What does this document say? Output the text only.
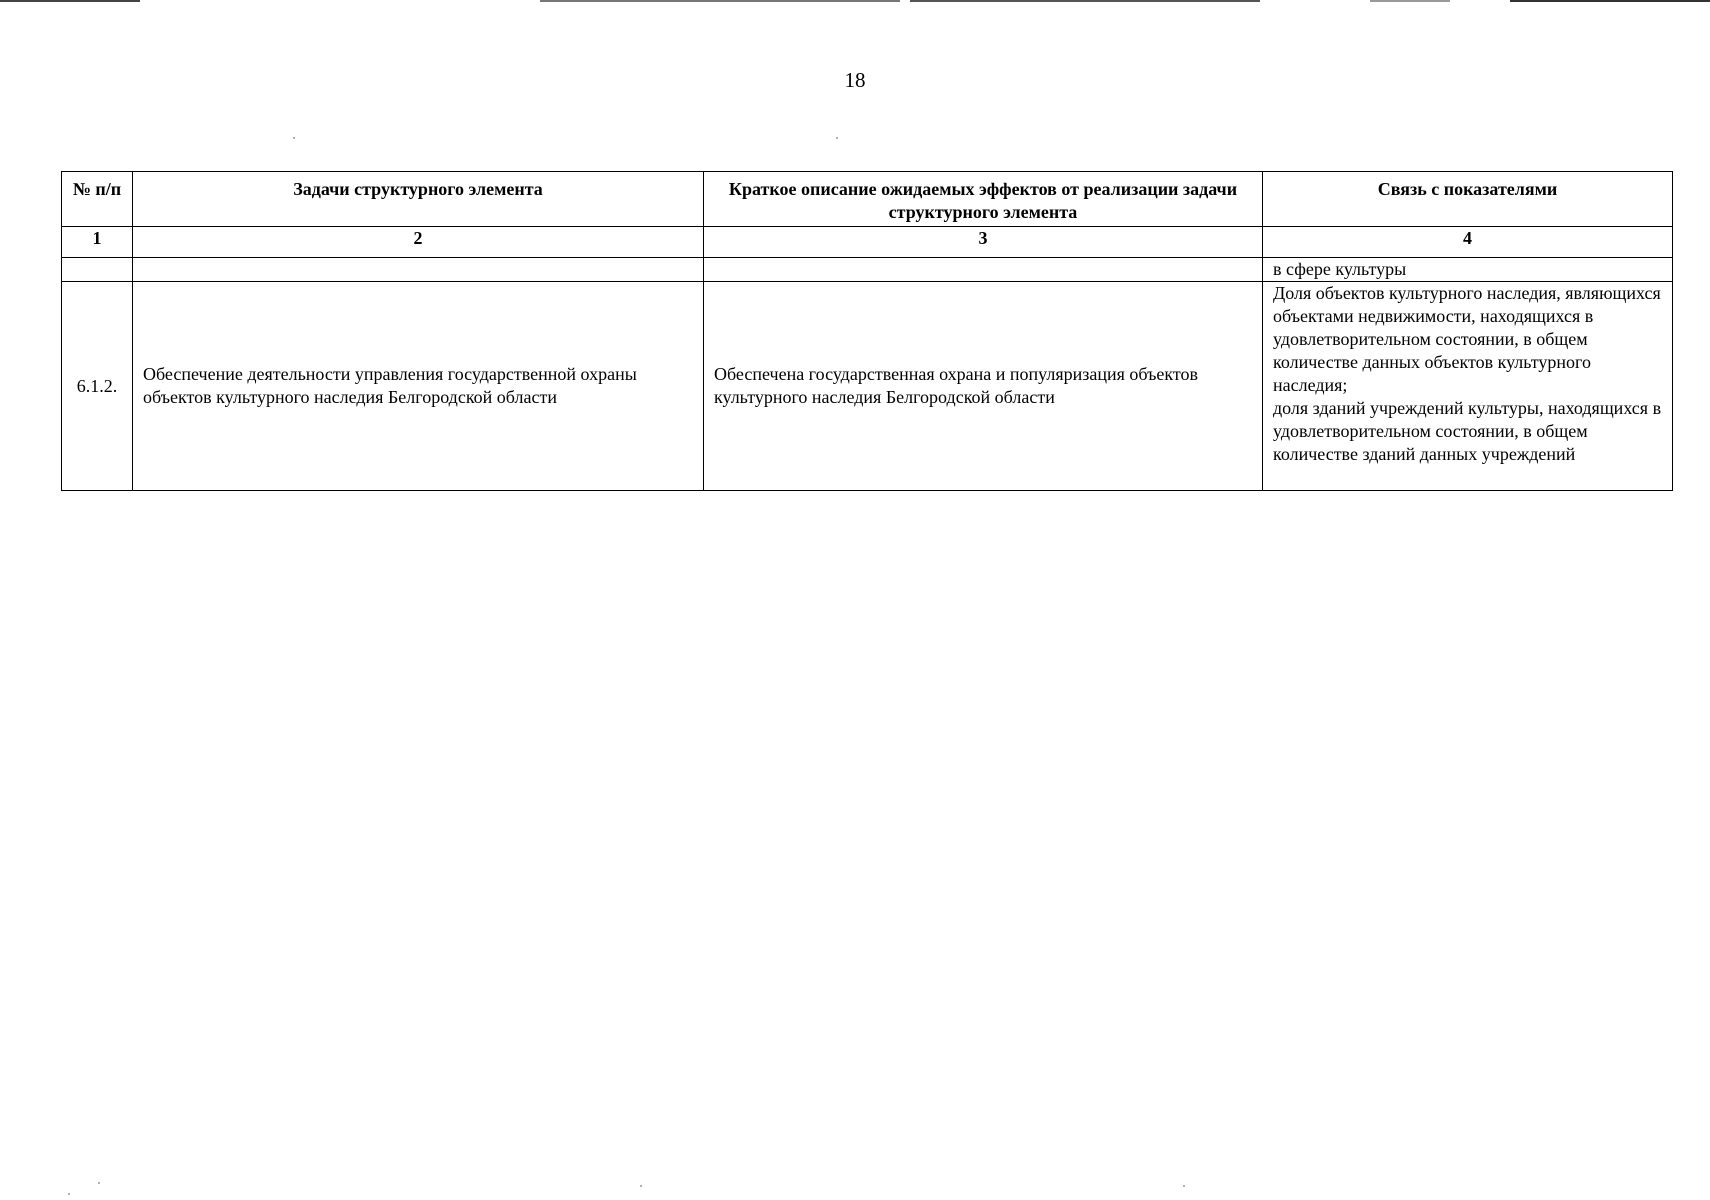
18
№ п/п	Задачи структурного элемента	Краткое описание ожидаемых эффектов от реализации задачи структурного элемента	Связь с показателями
1	2	3	4
			в сфере культуры
6.1.2.	Обеспечение деятельности управления государственной охраны объектов культурного наследия Белгородской области	Обеспечена государственная охрана и популяризация объектов культурного наследия Белгородской области	Доля объектов культурного наследия, являющихся объектами недвижимости, находящихся в удовлетворительном состоянии, в общем количестве данных объектов культурного наследия;
доля зданий учреждений культуры, находящихся в удовлетворительном состоянии, в общем количестве зданий данных учреждений
